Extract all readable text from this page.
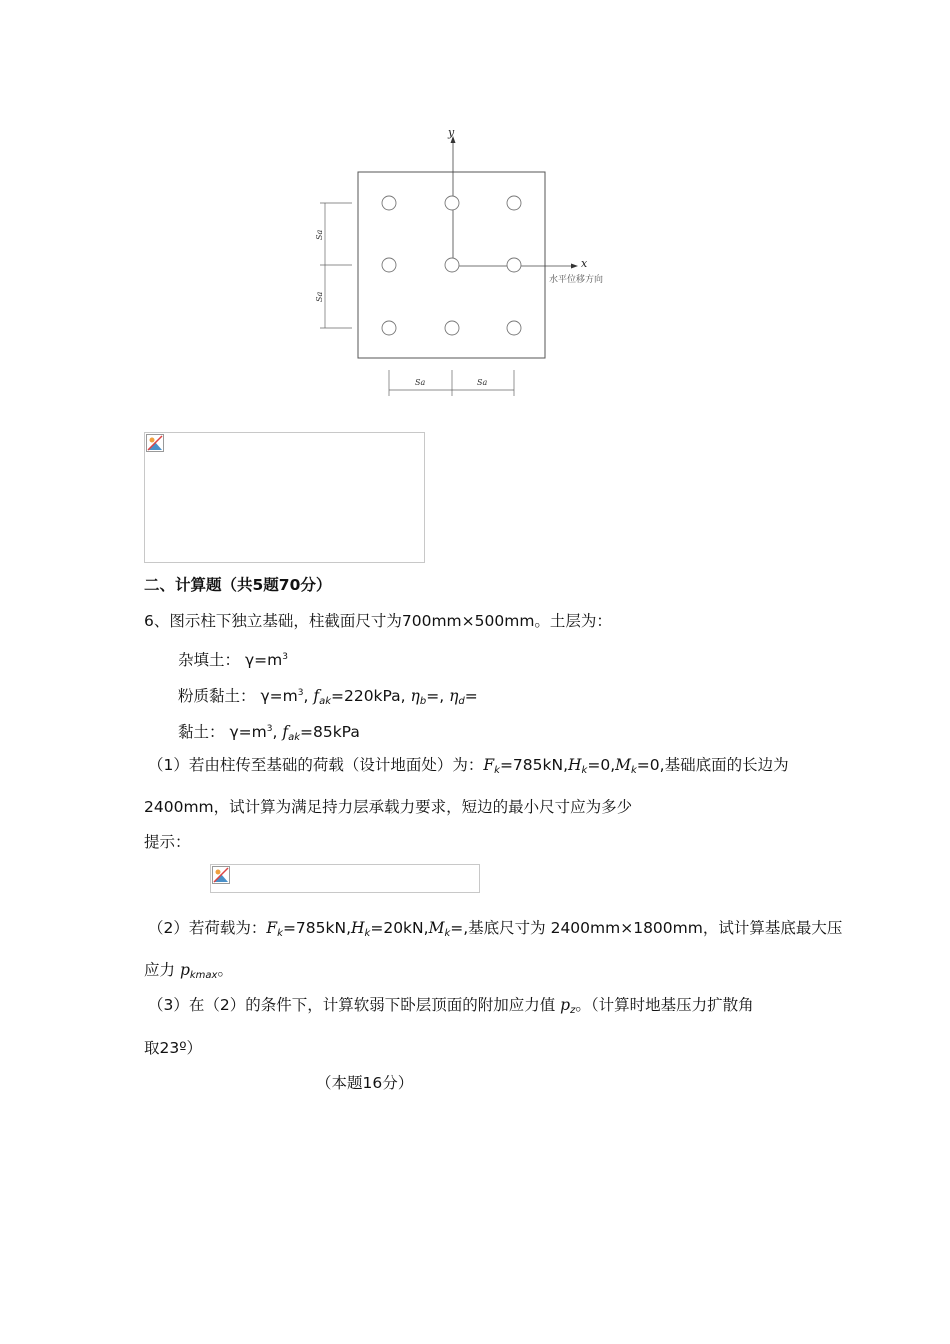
y
x
水平位移方向
Sa
Sa
Sa	Sa
二、计算题（共5题70分）
6、图示柱下独立基础，柱截面尺寸为700mm×500mm。土层为：
杂填土： $\gamma=m^3$
粉质黏土： $\gamma=m^3$, $f_{ak}=220kPa$, $\eta_b=$, $\eta_d=$
黏土： $\gamma=m^3$, $f_{ak}=85kPa$
（1）若由柱传至基础的荷载（设计地面处）为：$F_k=785kN,H_k=0,M_k=0$,基础底面的长边为
2400mm，试计算为满足持力层承载力要求，短边的最小尺寸应为多少
提示：
（2）若荷载为：$F_k=785kN,H_k=20kN,M_k=$,基底尺寸为 2400mm×1800mm，试计算基底最大压
应力 $p_{kmax}$。
（3）在（2）的条件下，计算软弱下卧层顶面的附加应力值 $p_z$。（计算时地基压力扩散角
取23º）
（本题16分）
